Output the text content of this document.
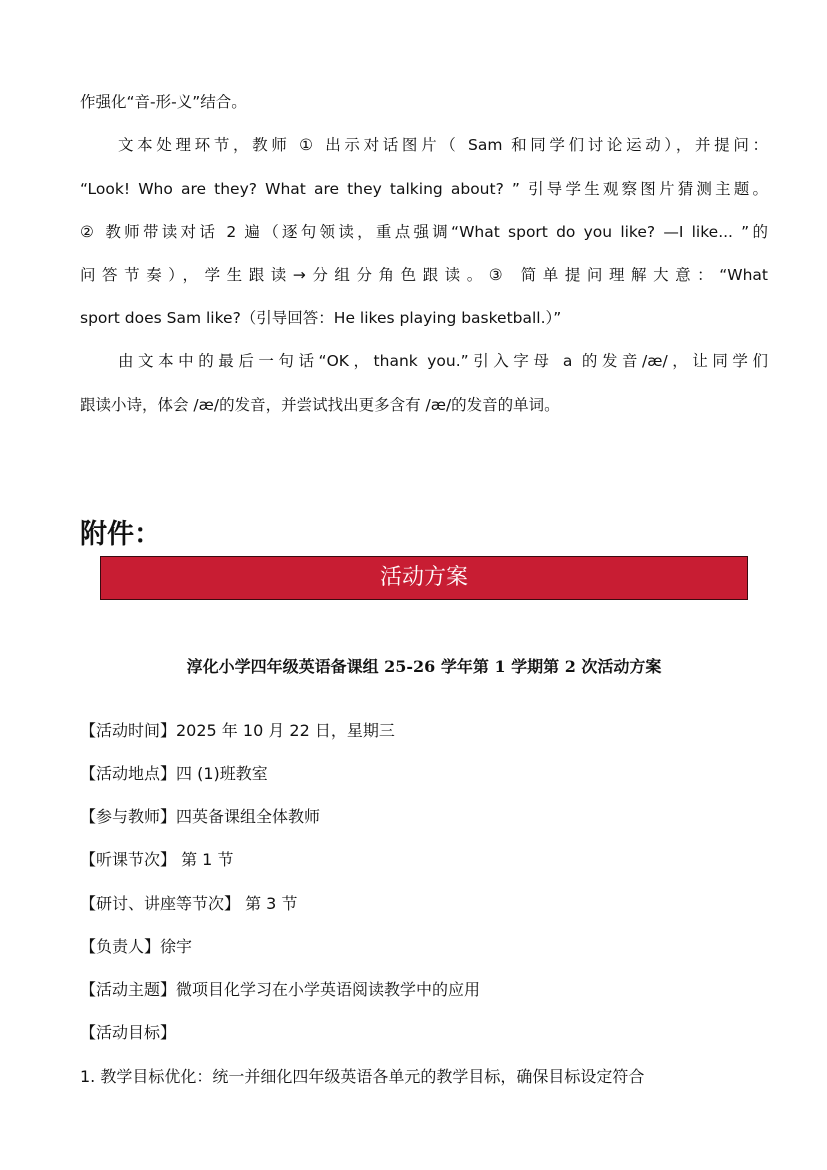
作强化“音-形-义”结合。
文本处理环节，教师 ① 出示对话图片（ Sam 和同学们讨论运动），并提问：
“Look! Who are they? What are they talking about? ” 引导学生观察图片猜测主题。
② 教师带读对话 2 遍（逐句领读，重点强调“What sport do you like? —I like... ”的
问答节奏），学生跟读→分组分角色跟读。③ 简单提问理解大意：“What
sport does Sam like?（引导回答：He likes playing basketball.）”
由文本中的最后一句话“OK，thank you.”引入字母 a 的发音/æ/，让同学们
跟读小诗，体会 /æ/的发音，并尝试找出更多含有 /æ/的发音的单词。
附件：
活动方案
淳化小学四年级英语备课组 25-26 学年第 1 学期第 2 次活动方案
【活动时间】2025 年 10 月 22 日，星期三
【活动地点】四 (1)班教室
【参与教师】四英备课组全体教师
【听课节次】 第 1 节
【研讨、讲座等节次】 第 3 节
【负责人】徐宇
【活动主题】微项目化学习在小学英语阅读教学中的应用
【活动目标】
1. 教学目标优化：统一并细化四年级英语各单元的教学目标，确保目标设定符合
